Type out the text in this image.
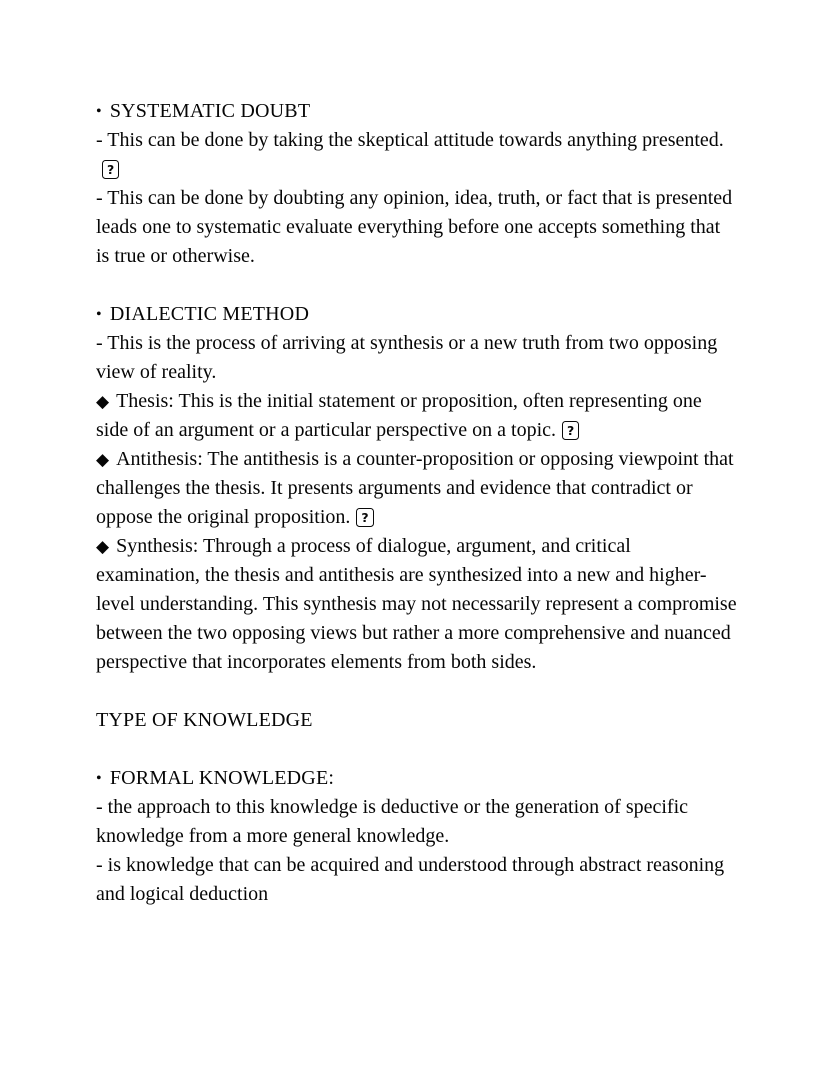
• SYSTEMATIC DOUBT

- This can be done by taking the skeptical attitude towards anything presented.?

- This can be done by doubting any opinion, idea, truth, or fact that is presented leads one to systematic evaluate everything before one accepts something that is true or otherwise.

• DIALECTIC METHOD

- This is the process of arriving at synthesis or a new truth from two opposing view of reality.

◆ Thesis: This is the initial statement or proposition, often representing one side of an argument or a particular perspective on a topic. ?

◆ Antithesis: The antithesis is a counter-proposition or opposing viewpoint that challenges the thesis. It presents arguments and evidence that contradict or oppose the original proposition. ?

◆ Synthesis: Through a process of dialogue, argument, and critical examination, the thesis and antithesis are synthesized into a new and higher-level understanding. This synthesis may not necessarily represent a compromise between the two opposing views but rather a more comprehensive and nuanced perspective that incorporates elements from both sides.

TYPE OF KNOWLEDGE
• FORMAL KNOWLEDGE:

- the approach to this knowledge is deductive or the generation of specific knowledge from a more general knowledge.

- is knowledge that can be acquired and understood through abstract reasoning and logical deduction
